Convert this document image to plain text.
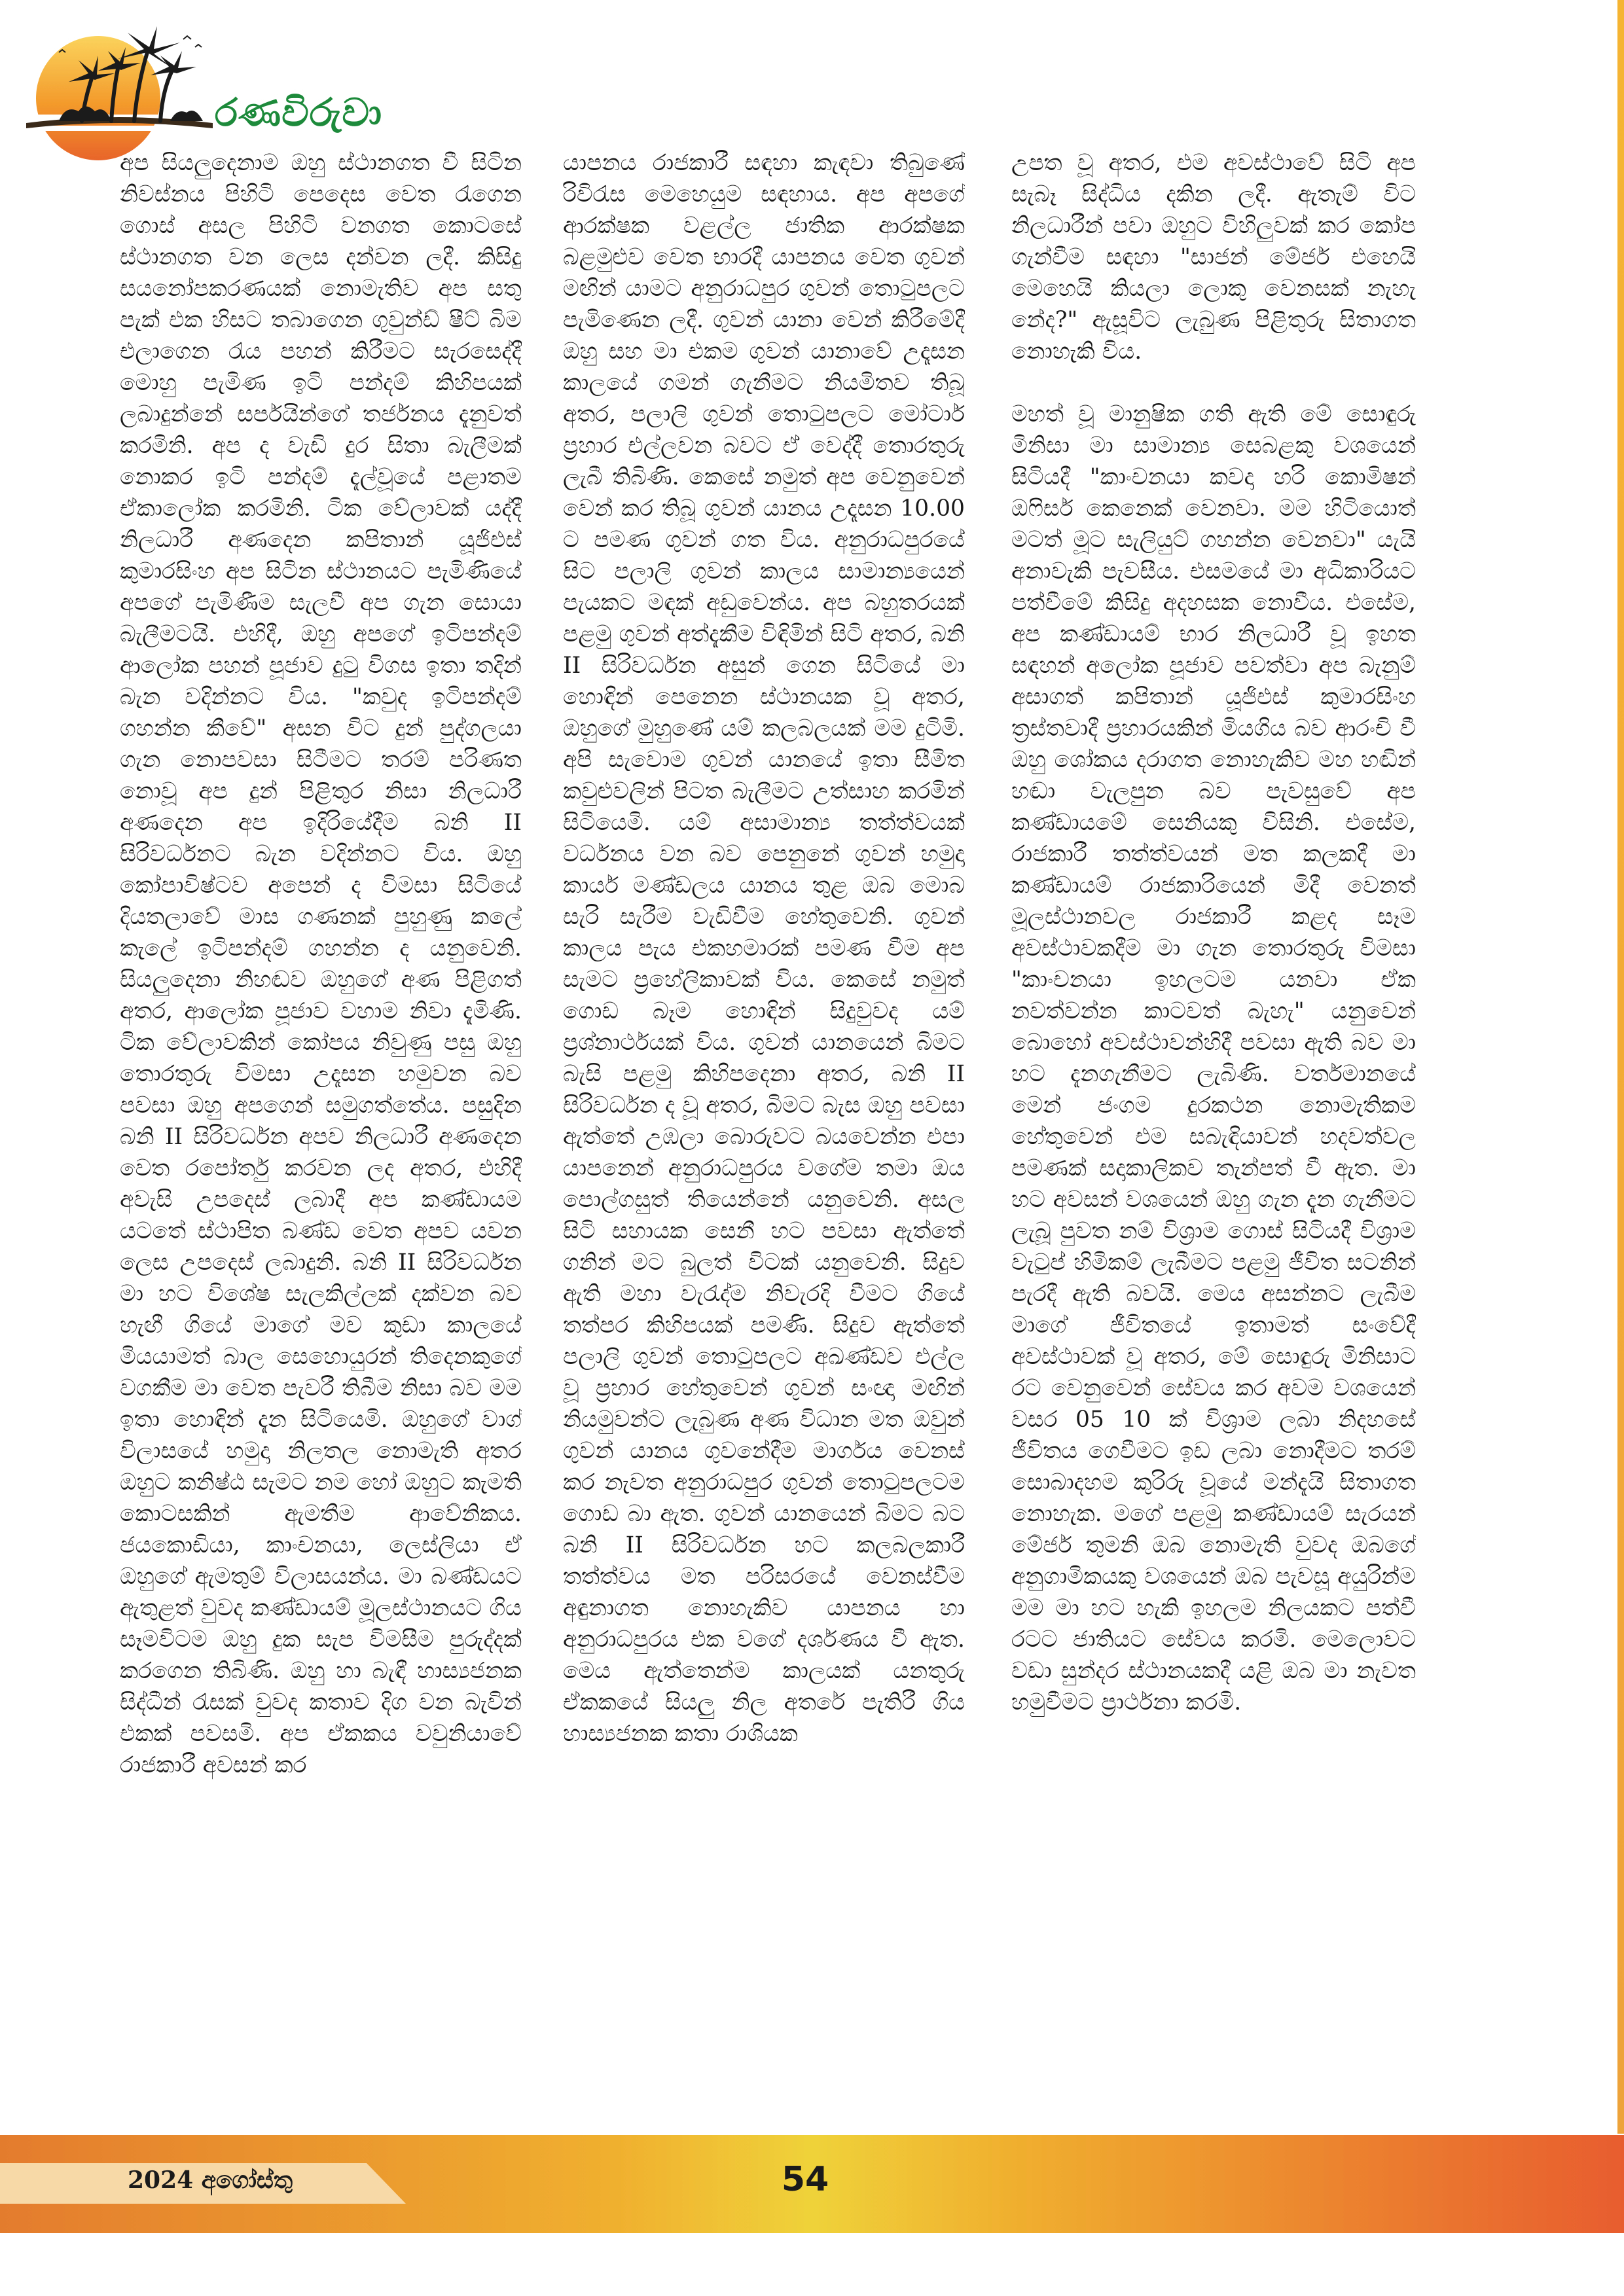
රණවිරුවා

අප සියලුදෙනාම ඔහු ස්ථානගත වී සිටින නිවස්නය පිහිටි පෙදෙස වෙත රැගෙන ගොස් අසල පිහිටි වනගත කොටසේ ස්ථානගත වන ලෙස දන්වන ලදී. කිසිදු සයනෝපකරණයක් නොමැතිව අප සතු පැක් එක හිසට තබාගෙන ගුවුන්ඩ් ෂීට් බිම එලාගෙන රැය පහන් කිරීමට සැරසෙද්දී මොහු පැමිණ ඉටි පන්දම් කිහිපයක් ලබාදුන්නේ සර්පයින්ගේ තර්ජනය දැනුවත් කරමිනි. අප ද වැඩි දුර සිතා බැලීමක් නොකර ඉටි පන්දම් දැල්වූයේ පළාතම ඒකාලෝක කරමිනි. ටික වේලාවක් යද්දී නිලධාරී අණදෙන කපිතාන් යූජිඑස් කුමාරසිංහ අප සිටින ස්ථානයට පැමිණියේ අපගේ පැමිණීම සැලවී අප ගැන සොයා බැලීමටයි. එහිදී, ඔහු අපගේ ඉටිපන්දම් ආලෝක පහන් පූජාව දුටු විගස ඉතා තදින් බැන වදින්නට විය. "කවුද ඉටිපන්දම් ගහන්න කීවේ" අසන විට දුන් පුද්ගලයා ගැන නොපවසා සිටීමට තරම් පරිණත නොවූ අප දුන් පිළිතුර නිසා නිලධාරී අණදෙන අප ඉදිරියේදීම බනි II සිරිවර්ධනට බැන වදින්නට විය. ඔහු කෝපාවිෂ්ටව අපෙන් ද විමසා සිටියේ දියතලාවේ මාස ගණනක් පුහුණු කලේ කැලේ ඉටිපන්දම් ගහන්න ද යනුවෙනි. සියලුදෙනා නිහඬව ඔහුගේ අණ පිළිගත් අතර, ආලෝක පූජාව වහාම නිවා දැමිණි. ටික වේලාවකින් කෝපය නිවුණු පසු ඔහු තොරතුරු විමසා උදෑසන හමුවන බව පවසා ඔහු අපගෙන් සමුගත්තේය. පසුදින බනි II සිරිවර්ධන අපව නිලධාරී අණදෙන වෙත රපෝර්තු කරවන ලද අතර, එහිදී අවැසි උපදෙස් ලබාදී අප කණ්ඩායම යටතේ ස්ථාපිත බණ්ඩ වෙත අපව යවන ලෙස උපදෙස් ලබාදුනි. බනි II සිරිවර්ධන මා හට විශේෂ සැලකිල්ලක් දක්වන බව හැඟී ගියේ මාගේ මව කුඩා කාලයේ මියයාමත් බාල සෙහොයුරන් තිදෙනකුගේ වගකීම මා වෙත පැවරී තිබීම නිසා බව මම ඉතා හොඳින් දැන සිටියෙමි. ඔහුගේ වාග් විලාසයේ හමුදා නිලතල නොමැති අතර ඔහුට කනිෂ්ඨ සැමට නම හෝ ඔහුට කැමති කොටසකින් ඇමතීම ආවේනිකය. ජයකොඩියා, කාංචනයා, ලෙස්ලියා ඒ ඔහුගේ ඇමතුම් විලාසයන්ය. මා බණ්ඩයට ඇතුළත් වුවද කණ්ඩායම් මූලස්ථානයට ගිය සෑමවිටම ඔහු දුක සැප විමසීම පුරුද්දක් කරගෙන තිබිණි. ඔහු හා බැඳී හාස්‍යජනක සිද්ධීන් රැසක් වුවද කතාව දිග වන බැවින් එකක් පවසමි. අප ඒකකය වවුනියාවේ රාජකාරී අවසන් කර

යාපනය රාජකාරී සඳහා කැඳවා තිබුණේ රිවිරැස මෙහෙයුම සඳහාය. අප අපගේ ආරක්ෂක වළල්ල ජාතික ආරක්ෂක බළමුළුව වෙත භාරදී යාපනය වෙත ගුවන් මඟින් යාමට අනුරාධපුර ගුවන් තොටුපලට පැමිණෙන ලදී. ගුවන් යානා වෙන් කිරීමේදී ඔහු සහ මා එකම ගුවන් යානාවේ උදෑසන කාලයේ ගමන් ගැනීමට නියමිතව තිබූ අතර, පලාලි ගුවන් තොටුපලට මෝටාර් ප්‍රහාර එල්ලවන බවට ඒ වෙද්දී තොරතුරු ලැබී තිබිණි. කෙසේ නමුත් අප වෙනුවෙන් වෙන් කර තිබූ ගුවන් යානය උදෑසන 10.00 ට පමණ ගුවන් ගත විය. අනුරාධපුරයේ සිට පලාලි ගුවන් කාලය සාමාන්‍යයෙන් පැයකට මඳක් අඩුවෙන්ය. අප බහුතරයක් පළමු ගුවන් අත්දැකීම විඳිමින් සිටි අතර, බනි II සිරිවර්ධන අසුන් ගෙන සිටියේ මා හොඳින් පෙනෙන ස්ථානයක වූ අතර, ඔහුගේ මුහුණේ යම් කලබලයක් මම දුටිමි. අපි සැවොම ගුවන් යානයේ ඉතා සීමිත කවුළුවලින් පිටත බැලීමට උත්සාහ කරමින් සිටියෙමි. යම් අසාමාන්‍ය තත්ත්වයක් වර්ධනය වන බව පෙනුනේ ගුවන් හමුදා කාර්ය මණ්ඩලය යානය තුළ ඔබ මොබ සැරි සැරීම වැඩිවීම හේතුවෙනි. ගුවන් කාලය පැය එකහමාරක් පමණ වීම අප සැමට ප්‍රහේලිකාවක් විය. කෙසේ නමුත් ගොඩ බෑම හොඳින් සිදුවුවද යම් ප්‍රශ්නාර්ථයක් විය. ගුවන් යානයෙන් බිමට බැසි පළමු කිහිපදෙනා අතර, බනි II සිරිවර්ධන ද වූ අතර, බිමට බැස ඔහු පවසා ඇත්තේ උඹලා බොරුවට බයවෙන්න එපා යාපනෙන් අනුරාධපුරය වගේම තමා ඔය පොල්ගසුත් තියෙන්නේ යනුවෙනි. අසල සිටි සහායක සෙනී හට පවසා ඇත්තේ ගනින් මට බුලත් විටක් යනුවෙනි. සිදුව ඇති මහා වැරැද්ම නිවැරදි වීමට ගියේ තත්පර කිහිපයක් පමණි. සිදුව ඇත්තේ පලාලි ගුවන් තොටුපලට අඛණ්ඩව එල්ල වූ ප්‍රහාර හේතුවෙන් ගුවන් සංඥා මඟින් නියමුවන්ට ලැබුණ අණ විධාන මත ඔවුන් ගුවන් යානය ගුවනේදීම මාර්ගය වෙනස් කර නැවත අනුරාධපුර ගුවන් තොටුපලටම ගොඩ බා ඇත. ගුවන් යානයෙන් බිමට බට බනි II සිරිවර්ධන හට කලබලකාරී තත්ත්වය මත පරිසරයේ වෙනස්වීම අඳුනාගත නොහැකිව යාපනය හා අනුරාධපුරය එක වගේ දර්ශණය වී ඇත. මෙය ඇත්තෙන්ම කාලයක් යනතුරු ඒකකයේ සියලු නිල අතරේ පැතිරී ගිය හාස්‍යජනක කතා රාශියක

උපත වූ අතර, එම අවස්ථාවේ සිටි අප සැබෑ සිද්ධිය දකින ලදී. ඇතැම් විට නිලධාරීන් පවා ඔහුට විහිලුවක් කර කෝප ගැන්වීම සඳහා "සාජන් මේජර් එහෙයි මෙහෙයි කියලා ලොකු වෙනසක් නැහැ නේද?" ඇසූවිට ලැබුණ පිළිතුරු සිතාගත නොහැකි විය.

මහත් වූ මානුෂික ගති ඇති මේ සොඳුරු මිනිසා මා සාමාන්‍ය සෙබළකු වශයෙන් සිටියදී "කාංචනයා කවදා හරි කොමිෂන් ඔෆිසර් කෙනෙක් වෙනවා. මම හිටියොත් මටත් මූට සැලියුට් ගහන්න වෙනවා" යැයි අනාවැකි පැවසීය. එසමයේ මා අධිකාරියට පත්වීමේ කිසිදු අදහසක නොවීය. එසේම, අප කණ්ඩායම් භාර නිලධාරී වූ ඉහත සඳහන් අලෝක පූජාව පවත්වා අප බැනුම් අසාගත් කපිතාන් යූජිඑස් කුමාරසිංහ ත්‍රස්තවාදී ප්‍රහාරයකින් මියගිය බව ආරංචි වී ඔහු ශෝකය දරාගත නොහැකිව මහ හඬින් හඬා වැලපුන බව පැවසුවේ අප කණ්ඩායමේ සෙනියකු විසිනි. එසේම, රාජකාරී තත්ත්වයන් මත කලකදී මා කණ්ඩායම් රාජකාරියෙන් මිදී වෙනත් මූලස්ථානවල රාජකාරී කළද සෑම අවස්ථාවකදීම මා ගැන තොරතුරු විමසා "කාංචනයා ඉහලටම යනවා ඒක නවත්වන්න කාටවත් බැහැ" යනුවෙන් බොහෝ අවස්ථාවන්හිදී පවසා ඇති බව මා හට දැනගැනීමට ලැබිණි. වර්තමානයේ මෙන් ජංගම දුරකථන නොමැතිකම හේතුවෙන් එම සබැඳියාවන් හදවත්වල පමණක් සදාකාලිකව තැන්පත් වී ඇත. මා හට අවසන් වශයෙන් ඔහු ගැන දැන ගැනීමට ලැබූ පුවත නම් විශ්‍රාම ගොස් සිටියදී විශ්‍රාම වැටුප් හිමිකම් ලැබීමට පළමු ජීවිත සටනින් පැරදී ඇති බවයි. මෙය අසන්නට ලැබීම මාගේ ජීවිතයේ ඉතාමත් සංවේදී අවස්ථාවක් වූ අතර, මේ සොඳුරු මිනිසාට රට වෙනුවෙන් සේවය කර අවම වශයෙන් වසර 05 10 ක් විශ්‍රාම ලබා නිදහසේ ජීවිතය ගෙවීමට ඉඩ ලබා නොදීමට තරම් සොබාදහම කුරිරු වූයේ මන්දැයි සිතාගත නොහැක. මගේ පළමු කණ්ඩායම් සැරයන් මේජර් තුමනි ඔබ නොමැති වුවද ඔබගේ අනුගාමිකයකු වශයෙන් ඔබ පැවසූ අයුරින්ම මම මා හට හැකි ඉහලම නිලයකට පත්වී රටට ජාතියට සේවය කරමි. මෙලොවට වඩා සුන්දර ස්ථානයකදී යළි ඔබ මා නැවත හමුවීමට ප්‍රාර්ථනා කරමි.

2024 අගෝස්තු	54
